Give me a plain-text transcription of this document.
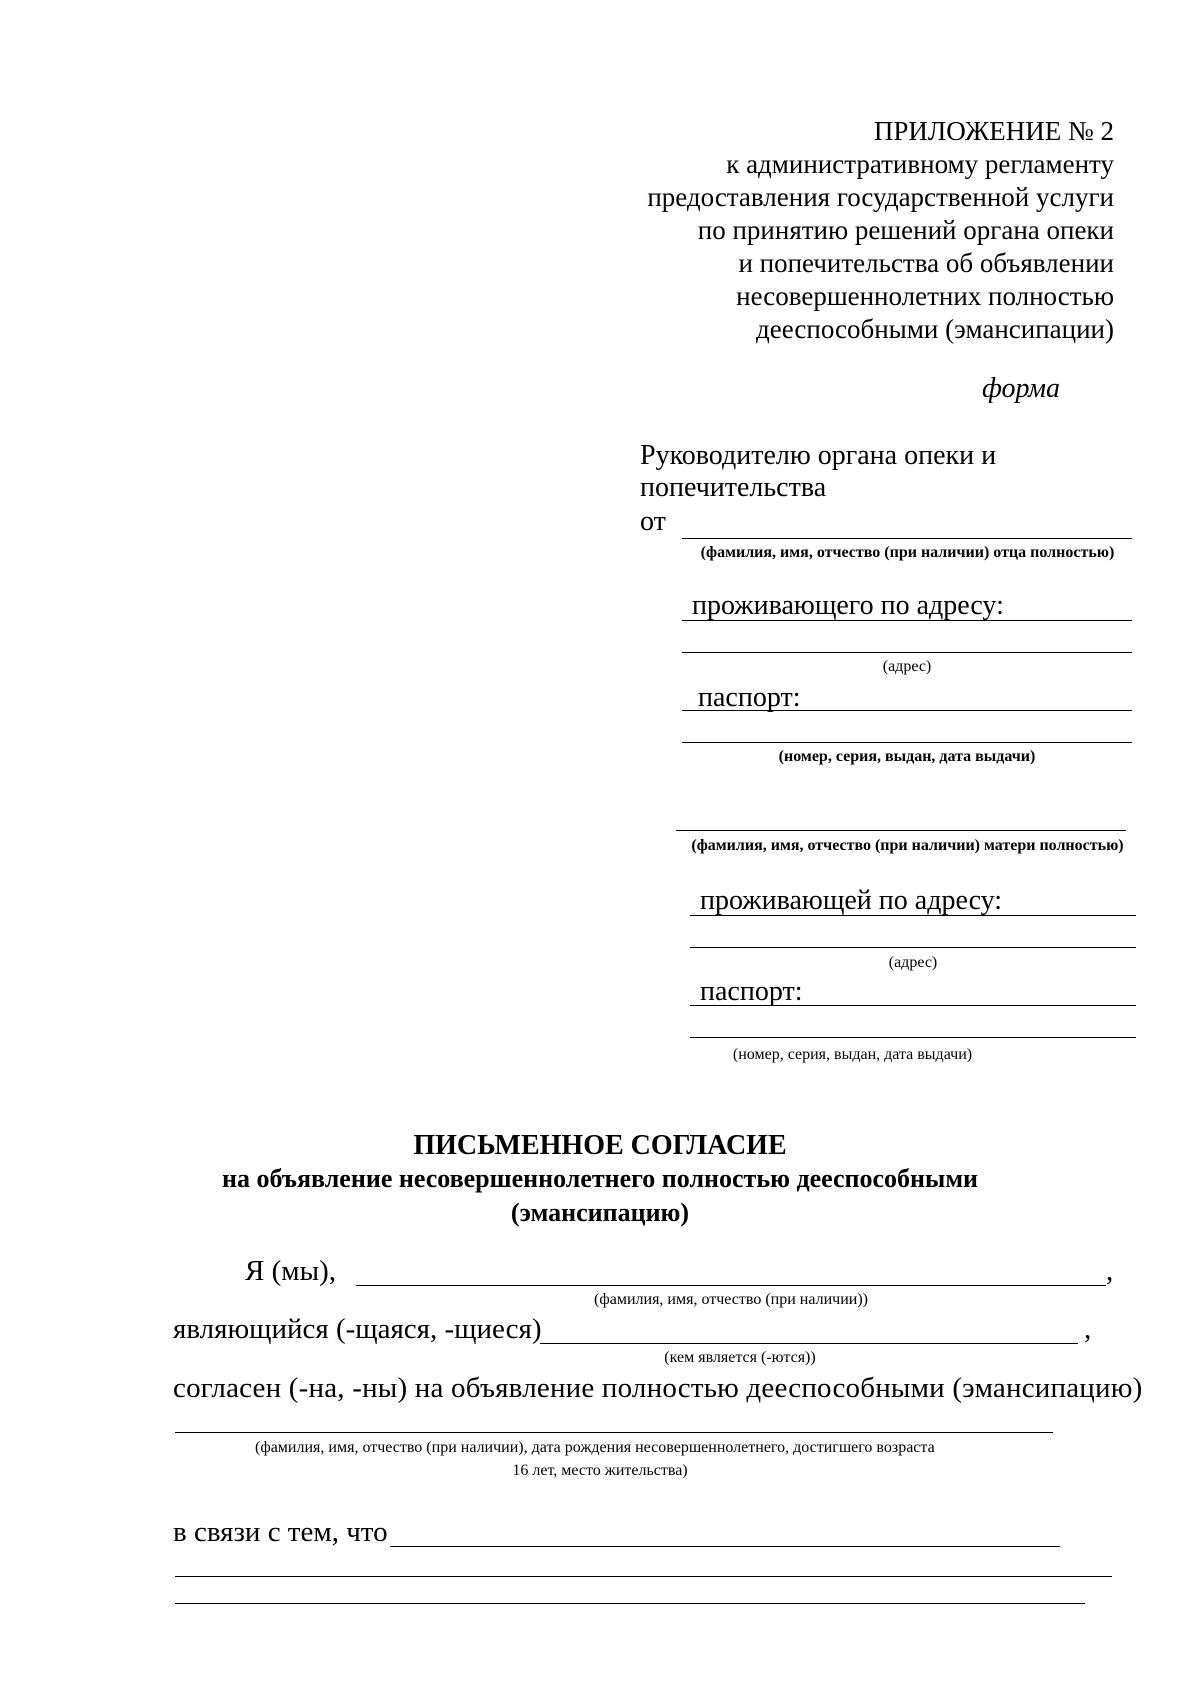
ПРИЛОЖЕНИЕ № 2
к административному регламенту
предоставления государственной услуги
по принятию решений органа опеки
и попечительства об объявлении
несовершеннолетних полностью
дееспособными (эмансипации)
форма
Руководителю органа опеки и
попечительства
от
(фамилия, имя, отчество (при наличии) отца полностью)
проживающего по адресу:
(адрес)
паспорт:
(номер, серия, выдан, дата выдачи)
(фамилия, имя, отчество (при наличии) матери полностью)
проживающей по адресу:
(адрес)
паспорт:
(номер, серия, выдан, дата выдачи)
ПИСЬМЕННОЕ СОГЛАСИЕ
на объявление несовершеннолетнего полностью дееспособными
(эмансипацию)
Я (мы),	,
(фамилия, имя, отчество (при наличии))
являющийся (-щаяся, -щиеся)	,
(кем является (-ются))
согласен (-на, -ны) на объявление полностью дееспособными (эмансипацию)
(фамилия, имя, отчество (при наличии), дата рождения несовершеннолетнего, достигшего возраста
16 лет, место жительства)
в связи с тем, что
